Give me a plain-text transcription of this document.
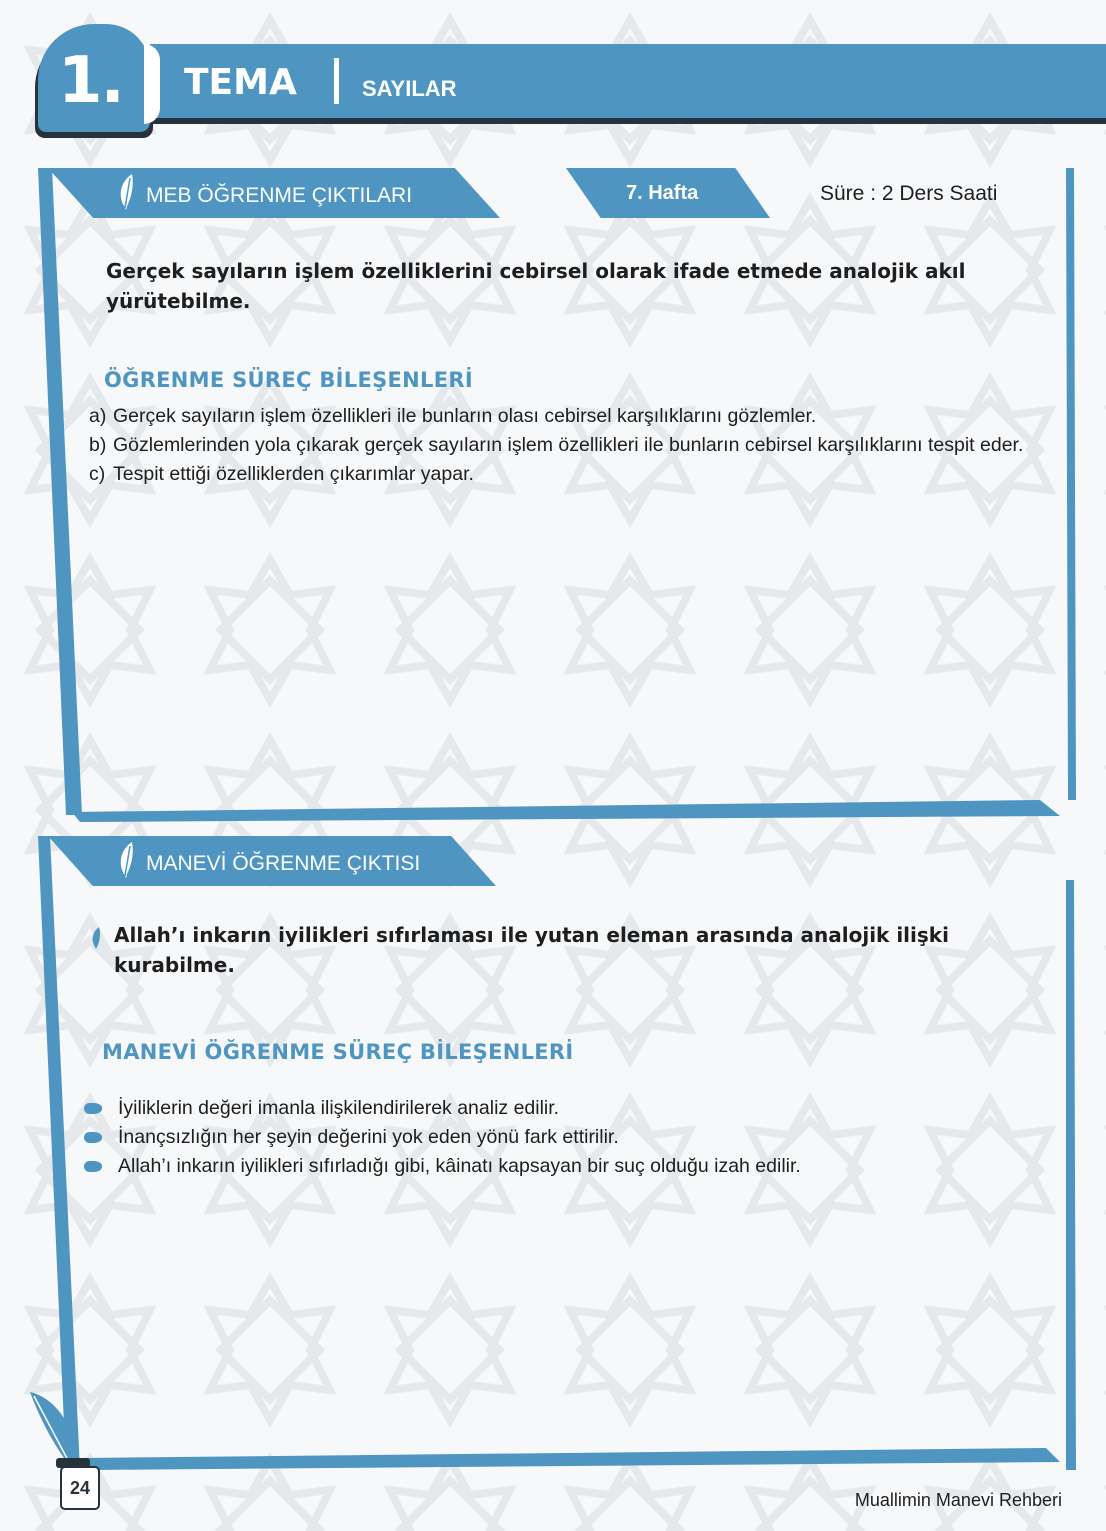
1. TEMA	SAYILAR
MEB ÖĞRENME ÇIKTILARI	7. Hafta	Süre : 2 Ders Saati
Gerçek sayıların işlem özelliklerini cebirsel olarak ifade etmede analojik akıl yürütebilme.
ÖĞRENME SÜREÇ BİLEŞENLERİ
a) Gerçek sayıların işlem özellikleri ile bunların olası cebirsel karşılıklarını gözlemler.
b) Gözlemlerinden yola çıkarak gerçek sayıların işlem özellikleri ile bunların cebirsel karşılıklarını tespit eder.
c) Tespit ettiği özelliklerden çıkarımlar yapar.
MANEVİ ÖĞRENME ÇIKTISI
Allah’ı inkarın iyilikleri sıfırlaması ile yutan eleman arasında analojik ilişki kurabilme.
MANEVİ ÖĞRENME SÜREÇ BİLEŞENLERİ
İyiliklerin değeri imanla ilişkilendirilerek analiz edilir.
İnançsızlığın her şeyin değerini yok eden yönü fark ettirilir.
Allah’ı inkarın iyilikleri sıfırladığı gibi, kâinatı kapsayan bir suç olduğu izah edilir.
24
Muallimin Manevi Rehberi
